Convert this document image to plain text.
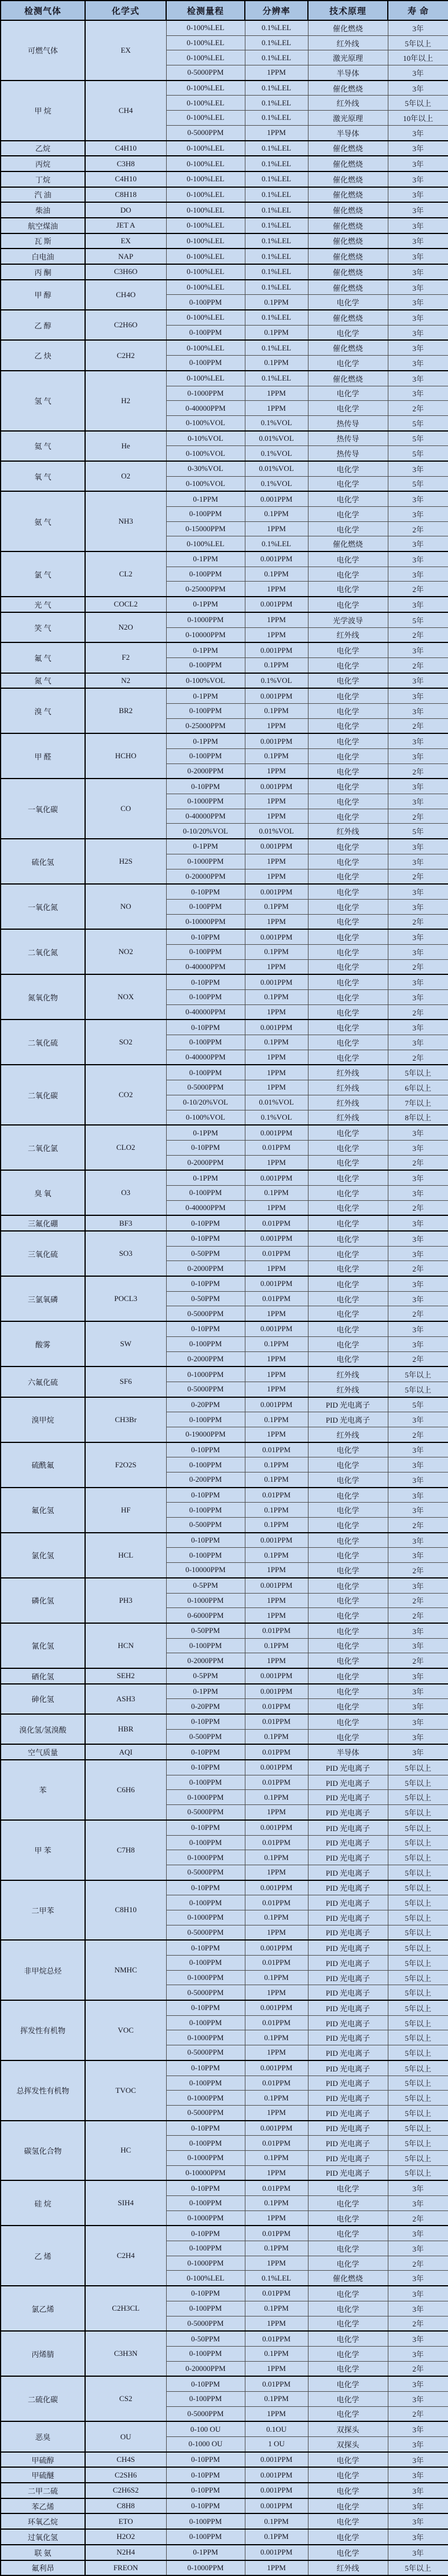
检测气体	化学式	检测量程	分辨率	技术原理	寿 命
可燃气体	EX	0-100%LEL	0.1%LEL	催化燃烧	3年
		0-100%LEL	0.1%LEL	红外线	5年以上
		0-100%LEL	0.1%LEL	激光原理	10年以上
		0-5000PPM	1PPM	半导体	3年
甲 烷	CH4	0-100%LEL	0.1%LEL	催化燃烧	3年
		0-100%LEL	0.1%LEL	红外线	5年以上
		0-100%LEL	0.1%LEL	激光原理	10年以上
		0-5000PPM	1PPM	半导体	3年
乙烷	C4H10	0-100%LEL	0.1%LEL	催化燃烧	3年
丙烷	C3H8	0-100%LEL	0.1%LEL	催化燃烧	3年
丁烷	C4H10	0-100%LEL	0.1%LEL	催化燃烧	3年
汽 油	C8H18	0-100%LEL	0.1%LEL	催化燃烧	3年
柴油	DO	0-100%LEL	0.1%LEL	催化燃烧	3年
航空煤油	JET A	0-100%LEL	0.1%LEL	催化燃烧	3年
瓦 斯	EX	0-100%LEL	0.1%LEL	催化燃烧	3年
白电油	NAP	0-100%LEL	0.1%LEL	催化燃烧	3年
丙 酮	C3H6O	0-100%LEL	0.1%LEL	催化燃烧	3年
甲 醇	CH4O	0-100%LEL	0.1%LEL	催化燃烧	3年
		0-100PPM	0.1PPM	电化学	3年
乙 醇	C2H6O	0-100%LEL	0.1%LEL	催化燃烧	3年
		0-100PPM	0.1PPM	电化学	3年
乙 炔	C2H2	0-100%LEL	0.1%LEL	催化燃烧	3年
		0-100PPM	0.1PPM	电化学	3年
氢 气	H2	0-100%LEL	0.1%LEL	催化燃烧	3年
		0-1000PPM	1PPM	电化学	3年
		0-40000PPM	1PPM	电化学	2年
		0-100%VOL	0.1%VOL	热传导	5年
氦 气	He	0-10%VOL	0.01%VOL	热传导	5年
		0-100%VOL	0.1%VOL	热传导	5年
氧 气	O2	0-30%VOL	0.01%VOL	电化学	3年
		0-100%VOL	0.1%VOL	电化学	5年
氨 气	NH3	0-1PPM	0.001PPM	电化学	3年
		0-100PPM	0.1PPM	电化学	3年
		0-15000PPM	1PPM	电化学	2年
		0-100%LEL	0.1%LEL	催化燃烧	3年
氯 气	CL2	0-1PPM	0.001PPM	电化学	3年
		0-100PPM	0.1PPM	电化学	3年
		0-25000PPM	1PPM	电化学	2年
光 气	COCL2	0-1PPM	0.001PPM	电化学	3年
笑 气	N2O	0-1000PPM	1PPM	光学波导	5年
		0-10000PPM	1PPM	红外线	2年
氟 气	F2	0-1PPM	0.001PPM	电化学	3年
		0-100PPM	0.1PPM	电化学	2年
氮 气	N2	0-100%VOL	0.1%VOL	电化学	3年
溴 气	BR2	0-1PPM	0.001PPM	电化学	3年
		0-100PPM	0.1PPM	电化学	3年
		0-25000PPM	1PPM	电化学	2年
甲 醛	HCHO	0-1PPM	0.001PPM	电化学	3年
		0-100PPM	0.1PPM	电化学	3年
		0-2000PPM	1PPM	电化学	2年
一氧化碳	CO	0-10PPM	0.001PPM	电化学	3年
		0-1000PPM	1PPM	电化学	3年
		0-40000PPM	1PPM	电化学	2年
		0-10/20%VOL	0.01%VOL	红外线	5年
硫化氢	H2S	0-1PPM	0.001PPM	电化学	3年
		0-1000PPM	1PPM	电化学	3年
		0-20000PPM	1PPM	电化学	2年
一氧化氮	NO	0-10PPM	0.001PPM	电化学	3年
		0-100PPM	0.1PPM	电化学	3年
		0-10000PPM	1PPM	电化学	2年
二氧化氮	NO2	0-10PPM	0.001PPM	电化学	3年
		0-100PPM	0.1PPM	电化学	3年
		0-40000PPM	1PPM	电化学	2年
氮氧化物	NOX	0-10PPM	0.001PPM	电化学	3年
		0-100PPM	0.1PPM	电化学	3年
		0-40000PPM	1PPM	电化学	2年
二氧化硫	SO2	0-10PPM	0.001PPM	电化学	3年
		0-100PPM	0.1PPM	电化学	3年
		0-40000PPM	1PPM	电化学	2年
二氧化碳	CO2	0-100PPM	1PPM	红外线	5年以上
		0-5000PPM	1PPM	红外线	6年以上
		0-10/20%VOL	0.01%VOL	红外线	7年以上
		0-100%VOL	0.1%VOL	红外线	8年以上
二氧化氯	CLO2	0-1PPM	0.001PPM	电化学	3年
		0-10PPM	0.01PPM	电化学	3年
		0-2000PPM	1PPM	电化学	2年
臭 氧	O3	0-1PPM	0.001PPM	电化学	3年
		0-100PPM	0.1PPM	电化学	3年
		0-40000PPM	1PPM	电化学	2年
三氟化硼	BF3	0-10PPM	0.01PPM	电化学	3年
三氧化硫	SO3	0-10PPM	0.001PPM	电化学	3年
		0-50PPM	0.01PPM	电化学	3年
		0-2000PPM	1PPM	电化学	2年
三氯氧磷	POCL3	0-10PPM	0.001PPM	电化学	3年
		0-50PPM	0.01PPM	电化学	3年
		0-5000PPM	1PPM	电化学	2年
酸雾	SW	0-10PPM	0.001PPM	电化学	3年
		0-100PPM	0.1PPM	电化学	3年
		0-2000PPM	1PPM	电化学	2年
六氟化硫	SF6	0-1000PPM	1PPM	红外线	5年以上
		0-5000PPM	1PPM	红外线	5年以上
溴甲烷	CH3Br	0-20PPM	0.001PPM	PID 光电离子	5年
		0-100PPM	0.1PPM	PID 光电离子	3年
		0-19000PPM	1PPM	红外线	2年
硫酰氟	F2O2S	0-10PPM	0.01PPM	电化学	3年
		0-100PPM	0.1PPM	电化学	3年
		0-200PPM	0.1PPM	电化学	3年
氟化氢	HF	0-10PPM	0.01PPM	电化学	3年
		0-100PPM	0.1PPM	电化学	3年
		0-500PPM	0.1PPM	电化学	2年
氯化氢	HCL	0-10PPM	0.001PPM	电化学	3年
		0-100PPM	0.1PPM	电化学	3年
		0-10000PPM	1PPM	电化学	2年
磷化氢	PH3	0-5PPM	0.001PPM	电化学	3年
		0-1000PPM	1PPM	电化学	2年
		0-6000PPM	1PPM	电化学	2年
氰化氢	HCN	0-50PPM	0.01PPM	电化学	3年
		0-100PPM	0.1PPM	电化学	3年
		0-2000PPM	1PPM	电化学	2年
硒化氢	SEH2	0-5PPM	0.001PPM	电化学	3年
砷化氢	ASH3	0-1PPM	0.001PPM	电化学	3年
		0-20PPM	0.01PPM	电化学	3年
溴化氢/氢溴酸	HBR	0-10PPM	0.01PPM	电化学	3年
		0-500PPM	0.1PPM	电化学	3年
空气质量	AQI	0-10PPM	0.01PPM	半导体	3年
苯	C6H6	0-10PPM	0.001PPM	PID 光电离子	5年以上
		0-100PPM	0.01PPM	PID 光电离子	5年以上
		0-1000PPM	0.1PPM	PID 光电离子	5年以上
		0-5000PPM	1PPM	PID 光电离子	5年以上
甲 苯	C7H8	0-10PPM	0.001PPM	PID 光电离子	5年以上
		0-100PPM	0.01PPM	PID 光电离子	5年以上
		0-1000PPM	0.1PPM	PID 光电离子	5年以上
		0-5000PPM	1PPM	PID 光电离子	5年以上
二甲苯	C8H10	0-10PPM	0.001PPM	PID 光电离子	5年以上
		0-100PPM	0.01PPM	PID 光电离子	5年以上
		0-1000PPM	0.1PPM	PID 光电离子	5年以上
		0-5000PPM	1PPM	PID 光电离子	5年以上
非甲烷总烃	NMHC	0-10PPM	0.001PPM	PID 光电离子	5年以上
		0-100PPM	0.01PPM	PID 光电离子	5年以上
		0-1000PPM	0.1PPM	PID 光电离子	5年以上
		0-5000PPM	1PPM	PID 光电离子	5年以上
挥发性有机物	VOC	0-10PPM	0.001PPM	PID 光电离子	5年以上
		0-100PPM	0.01PPM	PID 光电离子	5年以上
		0-1000PPM	0.1PPM	PID 光电离子	5年以上
		0-5000PPM	1PPM	PID 光电离子	5年以上
总挥发性有机物	TVOC	0-10PPM	0.001PPM	PID 光电离子	5年以上
		0-100PPM	0.01PPM	PID 光电离子	5年以上
		0-1000PPM	0.1PPM	PID 光电离子	5年以上
		0-5000PPM	1PPM	PID 光电离子	5年以上
碳氢化合物	HC	0-10PPM	0.001PPM	PID 光电离子	5年以上
		0-100PPM	0.01PPM	PID 光电离子	5年以上
		0-1000PPM	0.1PPM	PID 光电离子	5年以上
		0-10000PPM	1PPM	PID 光电离子	5年以上
硅 烷	SIH4	0-10PPM	0.01PPM	电化学	3年
		0-100PPM	0.1PPM	电化学	3年
		0-1000PPM	1PPM	电化学	2年
乙 烯	C2H4	0-10PPM	0.01PPM	电化学	3年
		0-100PPM	0.1PPM	电化学	3年
		0-1000PPM	1PPM	电化学	2年
		0-100%LEL	0.1%LEL	催化燃烧	3年
氯乙烯	C2H3CL	0-10PPM	0.01PPM	电化学	3年
		0-100PPM	0.1PPM	电化学	3年
		0-5000PPM	1PPM	电化学	2年
丙烯腈	C3H3N	0-50PPM	0.01PPM	电化学	3年
		0-100PPM	0.1PPM	电化学	3年
		0-20000PPM	1PPM	电化学	2年
二硫化碳	CS2	0-10PPM	0.01PPM	电化学	3年
		0-100PPM	0.1PPM	电化学	3年
		0-5000PPM	1PPM	电化学	2年
恶臭	OU	0-100 OU	0.1OU	双探头	3年
		0-1000 OU	1 OU	双探头	3年
甲硫醇	CH4S	0-10PPM	0.001PPM	电化学	3年
甲硫醚	C2SH6	0-10PPM	0.001PPM	电化学	3年
二甲二硫	C2H6S2	0-10PPM	0.001PPM	电化学	3年
苯乙烯	C8H8	0-10PPM	0.001PPM	电化学	3年
环氧乙烷	ETO	0-100PPM	0.1PPM	电化学	3年
过氧化氢	H2O2	0-100PPM	0.1PPM	电化学	3年
联 氨	N2H4	0-1PPM	0.001PPM	电化学	3年
氟利昂	FREON	0-1000PPM	1PPM	红外线	5年以上
